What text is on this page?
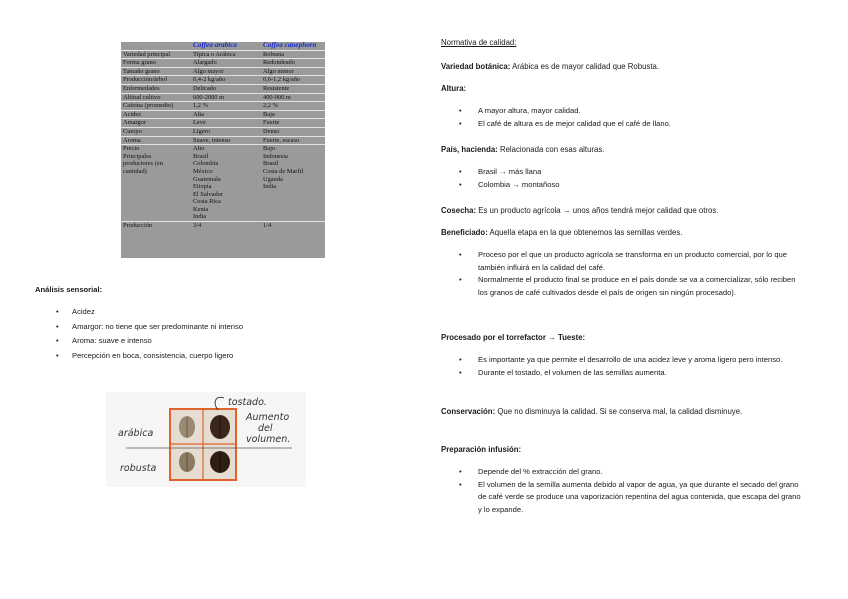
	Coffea arabica	Coffea canephora
Variedad principal	Típica o Arábica	Robusta
Forma grano	Alargado	Redondeado
Tamaño grano	Algo mayor	Algo menor
Producción/árbol	0,4-2 kg/año	0,6-1,2 kg/año
Enfermedades	Delicado	Resistente
Altitud cultivo	600-2000 m	400-900 m
Cafeína (promedio)	1,2 %	2,2 %
Acidez	Alta	Baja
Amargor	Leve	Fuerte
Cuerpo	Ligero	Denso
Aroma	Suave, intenso	Fuerte, escaso
Precio	Alto	Bajo
Principales	Brasil	Indonesia
productores (en	Colombia	Brasil
cantidad)	México	Costa de Marfil
	Guatemala	Uganda
	Etiopía	India
	El Salvador	
	Costa Rica	
	Kenia	
	India	
Producción	3/4	1/4
Análisis sensorial:
• Acidez
• Amargor: no tiene que ser predominante ni intenso
• Aroma: suave e intenso
• Percepción en boca, consistencia, cuerpo ligero
tostado.
Aumento
del
volumen.
arábica
robusta
Normativa de calidad:
Variedad botánica: Arábica es de mayor calidad que Robusta.
Altura:
• A mayor altura, mayor calidad.
• El café de altura es de mejor calidad que el café de llano.
País, hacienda: Relacionada con esas alturas.
• Brasil → más llana
• Colombia → montañoso
Cosecha: Es un producto agrícola → unos años tendrá mejor calidad que otros.
Beneficiado: Aquella etapa en la que obtenemos las semillas verdes.
• Proceso por el que un producto agrícola se transforma en un producto comercial, por lo que también influirá en la calidad del café.
• Normalmente el producto final se produce en el país donde se va a comercializar, sólo reciben los granos de café cultivados desde el país de origen sin ningún procesado).
Procesado por el torrefactor → Tueste:
• Es importante ya que permite el desarrollo de una acidez leve y aroma ligero pero intenso.
• Durante el tostado, el volumen de las semillas aumenta.
Conservación: Que no disminuya la calidad. Si se conserva mal, la calidad disminuye.
Preparación infusión:
• Depende del % extracción del grano.
• El volumen de la semilla aumenta debido al vapor de agua, ya que durante el secado del grano de café verde se produce una vaporización repentina del agua contenida, que escapa del grano y lo expande.
